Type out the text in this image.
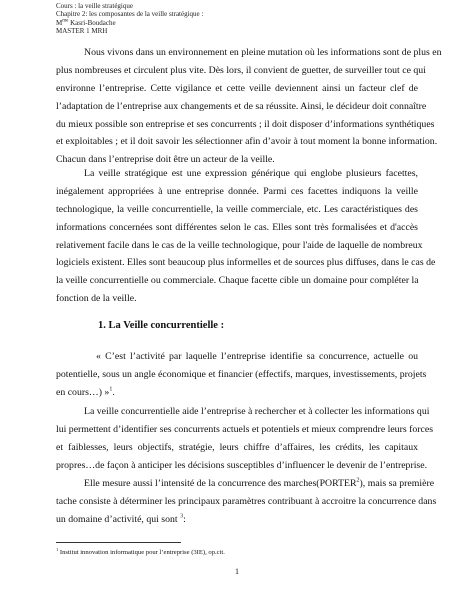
Cours : la veille stratégique
Chapitre 2: les composantes de la veille stratégique :
$M^{me}$ Kasri-Boudache
MASTER 1 MRH
Nous vivons dans un environnement en pleine mutation où les informations sont de plus en
plus nombreuses et circulent plus vite. Dès lors, il convient de guetter, de surveiller tout ce qui
environne l’entreprise. Cette vigilance et cette veille deviennent ainsi un facteur clef de
l’adaptation de l’entreprise aux changements et de sa réussite. Ainsi, le décideur doit connaître
du mieux possible son entreprise et ses concurrents ; il doit disposer d’informations synthétiques
et exploitables ; et il doit savoir les sélectionner afin d’avoir à tout moment la bonne information.
Chacun dans l’entreprise doit être un acteur de la veille.
La veille stratégique est une expression générique qui englobe plusieurs facettes,
inégalement appropriées à une entreprise donnée. Parmi ces facettes indiquons la veille
technologique, la veille concurrentielle, la veille commerciale, etc. Les caractéristiques des
informations concernées sont différentes selon le cas. Elles sont très formalisées et d'accès
relativement facile dans le cas de la veille technologique, pour l'aide de laquelle de nombreux
logiciels existent. Elles sont beaucoup plus informelles et de sources plus diffuses, dans le cas de
la veille concurrentielle ou commerciale. Chaque facette cible un domaine pour compléter la
fonction de la veille.
1. La Veille concurrentielle :
« C’est l’activité par laquelle l’entreprise identifie sa concurrence, actuelle ou
potentielle, sous un angle économique et financier (effectifs, marques, investissements, projets
en cours…) »$^1$.
La veille concurrentielle aide l’entreprise à rechercher et à collecter les informations qui
lui permettent d’identifier ses concurrents actuels et potentiels et mieux comprendre leurs forces
et faiblesses, leurs objectifs, stratégie, leurs chiffre d’affaires, les crédits, les capitaux
propres…de façon à anticiper les décisions susceptibles d’influencer le devenir de l’entreprise.
Elle mesure aussi l’intensité de la concurrence des marches(PORTER$^2$), mais sa première
tache consiste à déterminer les principaux paramètres contribuant à accroitre la concurrence dans
un domaine d’activité, qui sont $^3$:
$^1$ Institut innovation informatique pour l’entreprise (3IE), op.cit.
1
